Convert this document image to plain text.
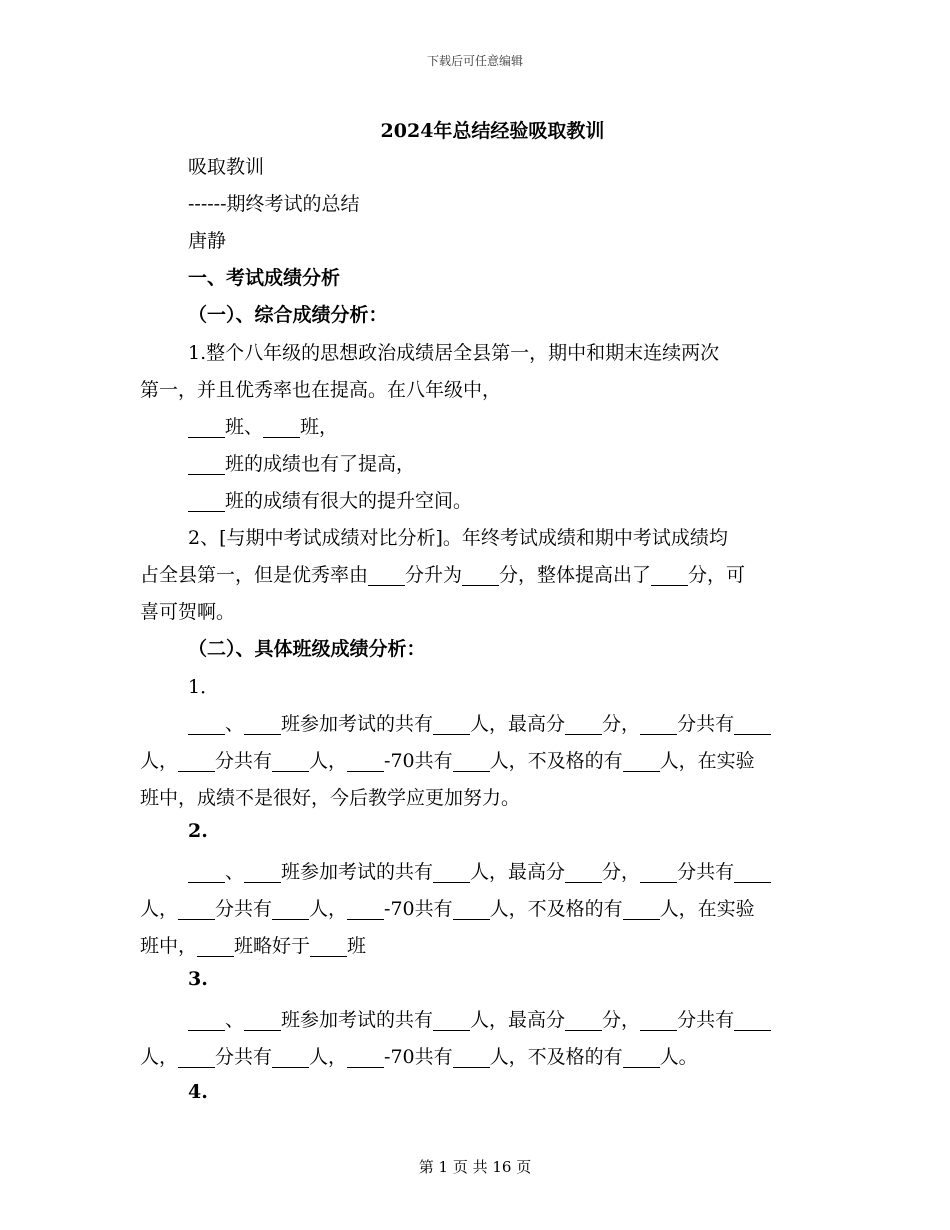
下载后可任意编辑
2024年总结经验吸取教训
吸取教训
------期终考试的总结
唐静
一、考试成绩分析
（一）、综合成绩分析：
1.整个八年级的思想政治成绩居全县第一，期中和期末连续两次
第一，并且优秀率也在提高。在八年级中，
班、 班，
班的成绩也有了提高，
班的成绩有很大的提升空间。
2、[与期中考试成绩对比分析]。年终考试成绩和期中考试成绩均
占全县第一，但是优秀率由 分升为 分，整体提高出了 分，可
喜可贺啊。
（二）、具体班级成绩分析：
1．
、 班参加考试的共有 人，最高分 分， 分共有
人， 分共有 人， -70共有 人，不及格的有 人，在实验
班中，成绩不是很好，今后教学应更加努力。
2.
、 班参加考试的共有 人，最高分 分， 分共有
人， 分共有 人， -70共有 人，不及格的有 人，在实验
班中， 班略好于 班
3.
、 班参加考试的共有 人，最高分 分， 分共有
人， 分共有 人， -70共有 人，不及格的有 人。
4.
第 1 页 共 16 页
